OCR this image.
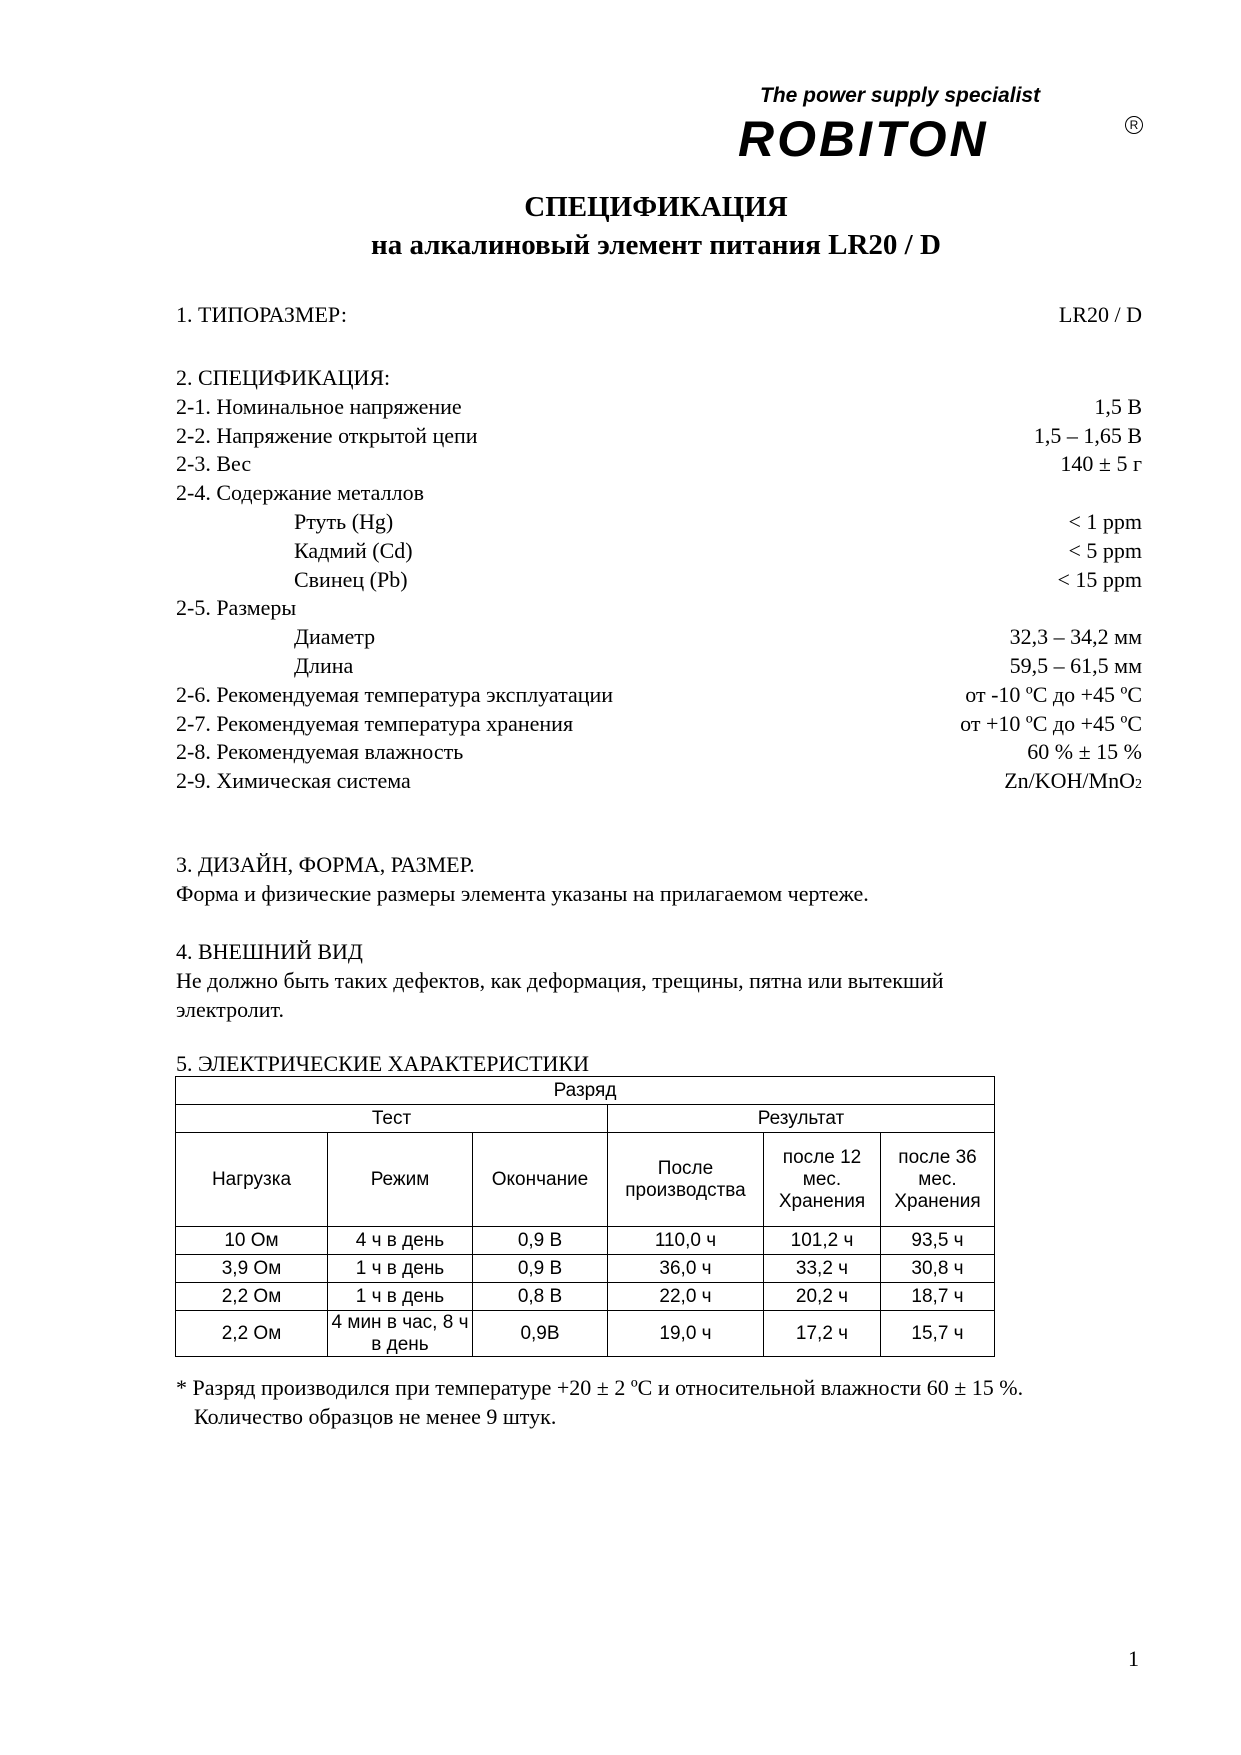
The power supply specialist
ROBITON	R
СПЕЦИФИКАЦИЯ
на алкалиновый элемент питания LR20 / D
1. ТИПОРАЗМЕР:	LR20 / D
2. СПЕЦИФИКАЦИЯ:
2-1. Номинальное напряжение	1,5 В
2-2. Напряжение открытой цепи	1,5 – 1,65 В
2-3. Вес	140 ± 5 г
2-4. Содержание металлов
Ртуть (Hg)	< 1 ppm
Кадмий (Cd)	< 5 ppm
Свинец (Pb)	< 15 ppm
2-5. Размеры
Диаметр	32,3 – 34,2 мм
Длина	59,5 – 61,5 мм
2-6. Рекомендуемая температура эксплуатации	от -10 ºС до +45 ºС
2-7. Рекомендуемая температура хранения	от +10 ºС до +45 ºС
2-8. Рекомендуемая влажность	60 % ± 15 %
2-9. Химическая система	Zn/KOH/MnO2
3. ДИЗАЙН, ФОРМА, РАЗМЕР.
Форма и физические размеры элемента указаны на прилагаемом чертеже.
4. ВНЕШНИЙ ВИД
Не должно быть таких дефектов, как деформация, трещины, пятна или вытекший
электролит.
5. ЭЛЕКТРИЧЕСКИЕ ХАРАКТЕРИСТИКИ
Разряд					
Тест			Результат		
Нагрузка	Режим	Окончание	После производства	после 12 мес. Хранения	после 36 мес. Хранения
10 Ом	4 ч в день	0,9 В	110,0 ч	101,2 ч	93,5 ч
3,9 Ом	1 ч в день	0,9 В	36,0 ч	33,2 ч	30,8 ч
2,2 Ом	1 ч в день	0,8 В	22,0 ч	20,2 ч	18,7 ч
2,2 Ом	4 мин в час, 8 ч в день	0,9В	19,0 ч	17,2 ч	15,7 ч
* Разряд производился при температуре +20 ± 2 ºС и относительной влажности 60 ± 15 %.
Количество образцов не менее 9 штук.
1
